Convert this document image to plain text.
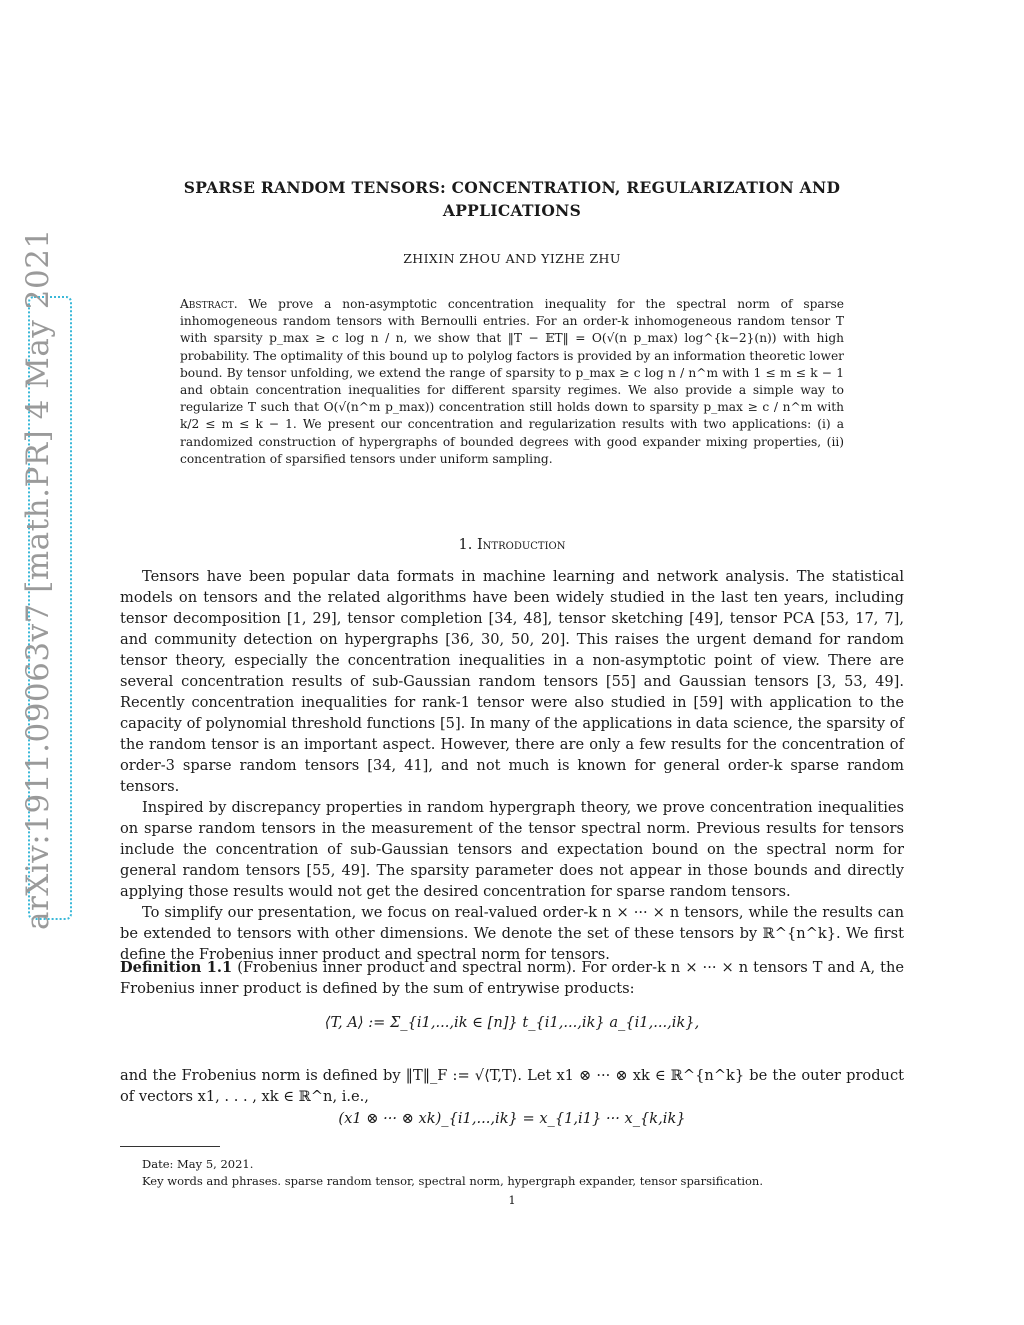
arXiv:1911.09063v7 [math.PR] 4 May 2021
SPARSE RANDOM TENSORS: CONCENTRATION, REGULARIZATION AND
APPLICATIONS
ZHIXIN ZHOU AND YIZHE ZHU
Abstract. We prove a non-asymptotic concentration inequality for the spectral norm of sparse inhomogeneous random tensors with Bernoulli entries. For an order-k inhomogeneous random tensor T with sparsity p_max ≥ c log n / n, we show that ‖T − 𝔼T‖ = O(√(n p_max) log^{k−2}(n)) with high probability. The optimality of this bound up to polylog factors is provided by an information theoretic lower bound. By tensor unfolding, we extend the range of sparsity to p_max ≥ c log n / n^m with 1 ≤ m ≤ k − 1 and obtain concentration inequalities for different sparsity regimes. We also provide a simple way to regularize T such that O(√(n^m p_max)) concentration still holds down to sparsity p_max ≥ c / n^m with k/2 ≤ m ≤ k − 1. We present our concentration and regularization results with two applications: (i) a randomized construction of hypergraphs of bounded degrees with good expander mixing properties, (ii) concentration of sparsified tensors under uniform sampling.
1. Introduction

Tensors have been popular data formats in machine learning and network analysis. The statistical models on tensors and the related algorithms have been widely studied in the last ten years, including tensor decomposition [1, 29], tensor completion [34, 48], tensor sketching [49], tensor PCA [53, 17, 7], and community detection on hypergraphs [36, 30, 50, 20]. This raises the urgent demand for random tensor theory, especially the concentration inequalities in a non-asymptotic point of view. There are several concentration results of sub-Gaussian random tensors [55] and Gaussian tensors [3, 53, 49]. Recently concentration inequalities for rank-1 tensor were also studied in [59] with application to the capacity of polynomial threshold functions [5]. In many of the applications in data science, the sparsity of the random tensor is an important aspect. However, there are only a few results for the concentration of order-3 sparse random tensors [34, 41], and not much is known for general order-k sparse random tensors.

Inspired by discrepancy properties in random hypergraph theory, we prove concentration inequalities on sparse random tensors in the measurement of the tensor spectral norm. Previous results for tensors include the concentration of sub-Gaussian tensors and expectation bound on the spectral norm for general random tensors [55, 49]. The sparsity parameter does not appear in those bounds and directly applying those results would not get the desired concentration for sparse random tensors.

To simplify our presentation, we focus on real-valued order-k n × ··· × n tensors, while the results can be extended to tensors with other dimensions. We denote the set of these tensors by ℝ^{n^k}. We first define the Frobenius inner product and spectral norm for tensors.

Definition 1.1 (Frobenius inner product and spectral norm). For order-k n × ··· × n tensors T and A, the Frobenius inner product is defined by the sum of entrywise products:
⟨T, A⟩ := Σ_{i1,...,ik ∈ [n]} t_{i1,...,ik} a_{i1,...,ik},
and the Frobenius norm is defined by ‖T‖_F := √⟨T,T⟩. Let x1 ⊗ ··· ⊗ xk ∈ ℝ^{n^k} be the outer product of vectors x1, . . . , xk ∈ ℝ^n, i.e.,
(x1 ⊗ ··· ⊗ xk)_{i1,...,ik} = x_{1,i1} ··· x_{k,ik}
Date: May 5, 2021.
Key words and phrases. sparse random tensor, spectral norm, hypergraph expander, tensor sparsification.
1
